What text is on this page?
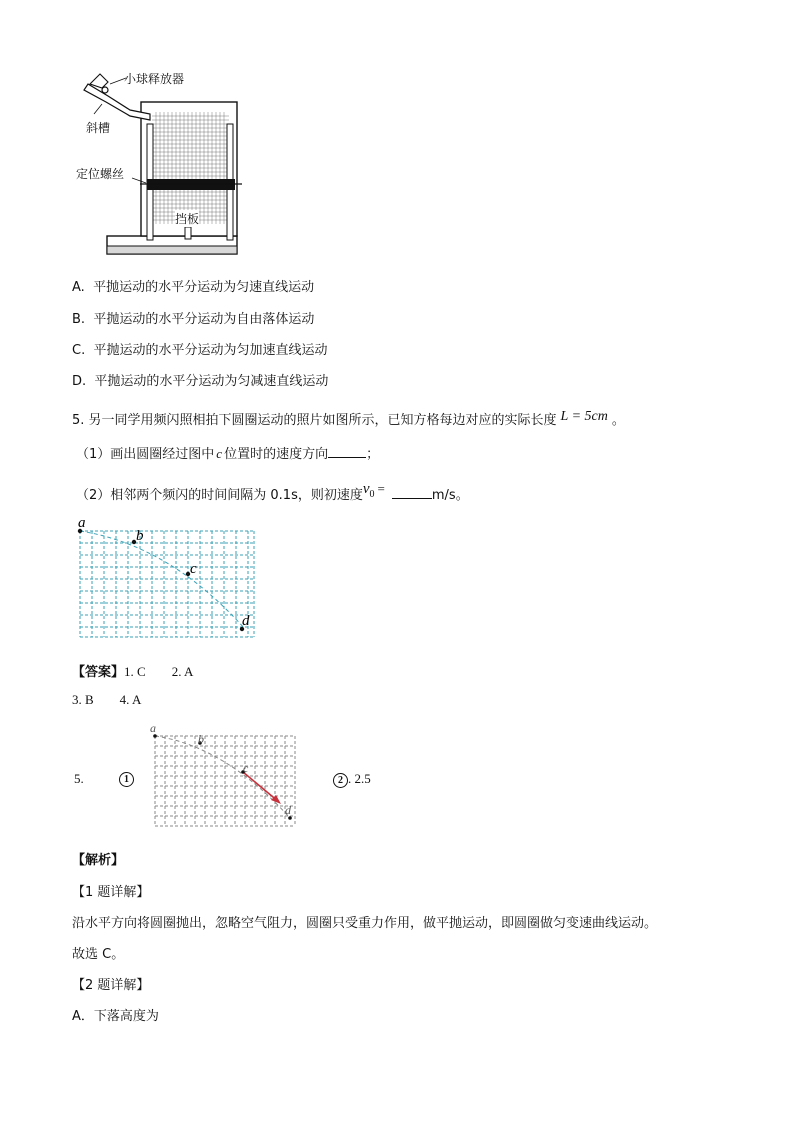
小球释放器
斜槽
定位螺丝
挡板
A. 平抛运动的水平分运动为匀速直线运动
B. 平抛运动的水平分运动为自由落体运动
C. 平抛运动的水平分运动为匀加速直线运动
D. 平抛运动的水平分运动为匀减速直线运动
5. 另一同学用频闪照相拍下圆圈运动的照片如图所示，已知方格每边对应的实际长度 L = 5cm 。
（1）画出圆圈经过图中 c 位置时的速度方向	；
（2）相邻两个频闪的时间间隔为 0.1s，则初速度$v_0$ =	m/s。
a
b
c
d
【答案】1. C 2. A
3. B 4. A
5.	1
a
b
c
d
2 . 2.5
【解析】
【1 题详解】
沿水平方向将圆圈抛出，忽略空气阻力，圆圈只受重力作用，做平抛运动，即圆圈做匀变速曲线运动。
故选 C。
【2 题详解】
A．下落高度为
